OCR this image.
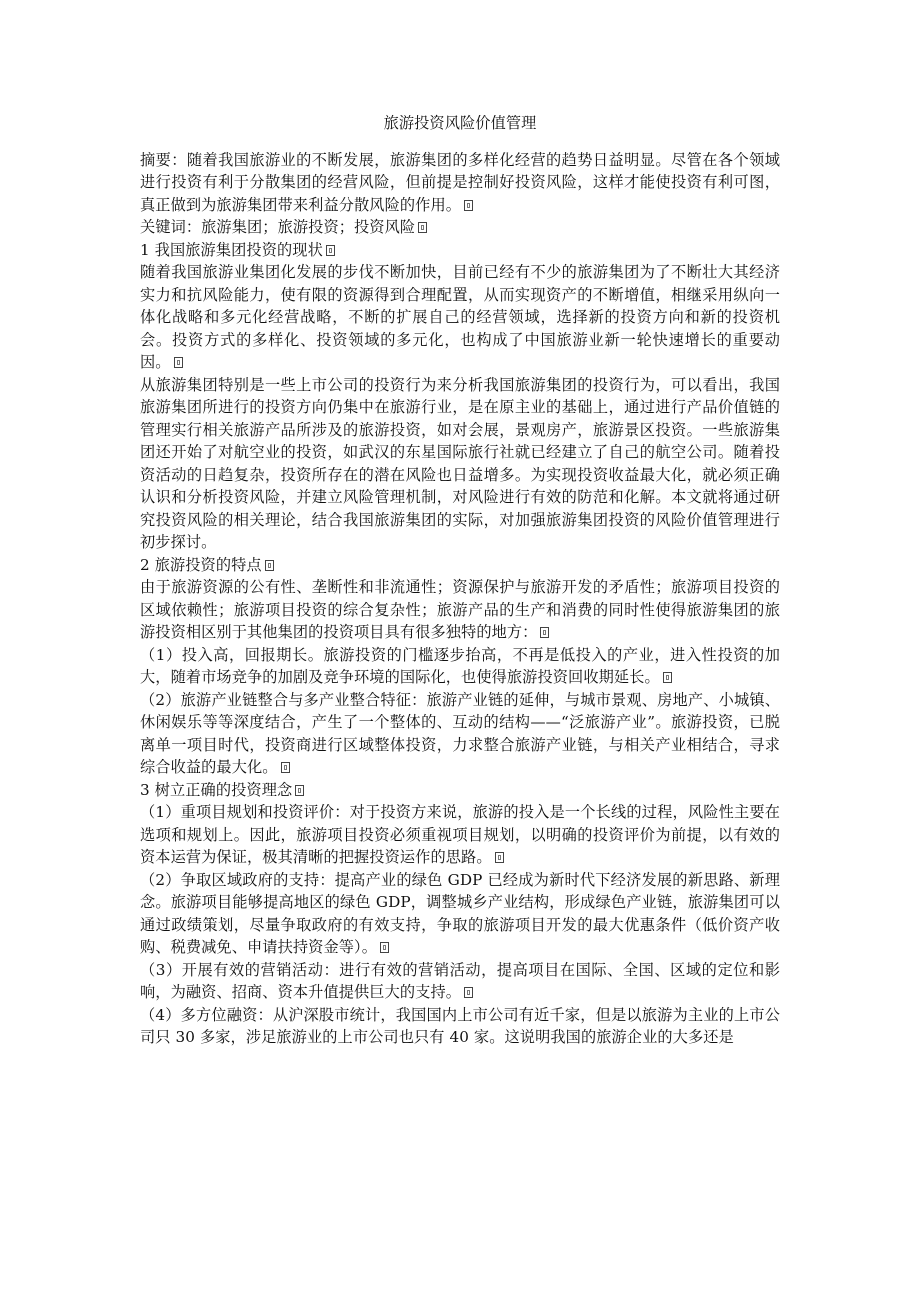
旅游投资风险价值管理

摘要：随着我国旅游业的不断发展，旅游集团的多样化经营的趋势日益明显。尽管在各个领域进行投资有利于分散集团的经营风险，但前提是控制好投资风险，这样才能使投资有利可图，真正做到为旅游集团带来利益分散风险的作用。

关键词：旅游集团；旅游投资；投资风险

1 我国旅游集团投资的现状

随着我国旅游业集团化发展的步伐不断加快，目前已经有不少的旅游集团为了不断壮大其经济实力和抗风险能力，使有限的资源得到合理配置，从而实现资产的不断增值，相继采用纵向一体化战略和多元化经营战略，不断的扩展自己的经营领域，选择新的投资方向和新的投资机会。投资方式的多样化、投资领域的多元化，也构成了中国旅游业新一轮快速增长的重要动因。

从旅游集团特别是一些上市公司的投资行为来分析我国旅游集团的投资行为，可以看出，我国旅游集团所进行的投资方向仍集中在旅游行业，是在原主业的基础上，通过进行产品价值链的管理实行相关旅游产品所涉及的旅游投资，如对会展，景观房产，旅游景区投资。一些旅游集团还开始了对航空业的投资，如武汉的东星国际旅行社就已经建立了自己的航空公司。随着投资活动的日趋复杂，投资所存在的潜在风险也日益增多。为实现投资收益最大化，就必须正确认识和分析投资风险，并建立风险管理机制，对风险进行有效的防范和化解。本文就将通过研究投资风险的相关理论，结合我国旅游集团的实际，对加强旅游集团投资的风险价值管理进行初步探讨。

2 旅游投资的特点

由于旅游资源的公有性、垄断性和非流通性；资源保护与旅游开发的矛盾性；旅游项目投资的区域依赖性；旅游项目投资的综合复杂性；旅游产品的生产和消费的同时性使得旅游集团的旅游投资相区别于其他集团的投资项目具有很多独特的地方：

（1）投入高，回报期长。旅游投资的门槛逐步抬高，不再是低投入的产业，进入性投资的加大，随着市场竞争的加剧及竞争环境的国际化，也使得旅游投资回收期延长。

（2）旅游产业链整合与多产业整合特征：旅游产业链的延伸，与城市景观、房地产、小城镇、休闲娱乐等等深度结合，产生了一个整体的、互动的结构——“泛旅游产业”。旅游投资，已脱离单一项目时代，投资商进行区域整体投资，力求整合旅游产业链，与相关产业相结合，寻求综合收益的最大化。

3 树立正确的投资理念

（1）重项目规划和投资评价：对于投资方来说，旅游的投入是一个长线的过程，风险性主要在选项和规划上。因此，旅游项目投资必须重视项目规划，以明确的投资评价为前提，以有效的资本运营为保证，极其清晰的把握投资运作的思路。

（2）争取区域政府的支持：提高产业的绿色 GDP 已经成为新时代下经济发展的新思路、新理念。旅游项目能够提高地区的绿色 GDP，调整城乡产业结构，形成绿色产业链，旅游集团可以通过政绩策划，尽量争取政府的有效支持，争取的旅游项目开发的最大优惠条件（低价资产收购、税费减免、申请扶持资金等）。

（3）开展有效的营销活动：进行有效的营销活动，提高项目在国际、全国、区域的定位和影响，为融资、招商、资本升值提供巨大的支持。

（4）多方位融资：从沪深股市统计，我国国内上市公司有近千家，但是以旅游为主业的上市公司只 30 多家，涉足旅游业的上市公司也只有 40 家。这说明我国的旅游企业的大多还是
